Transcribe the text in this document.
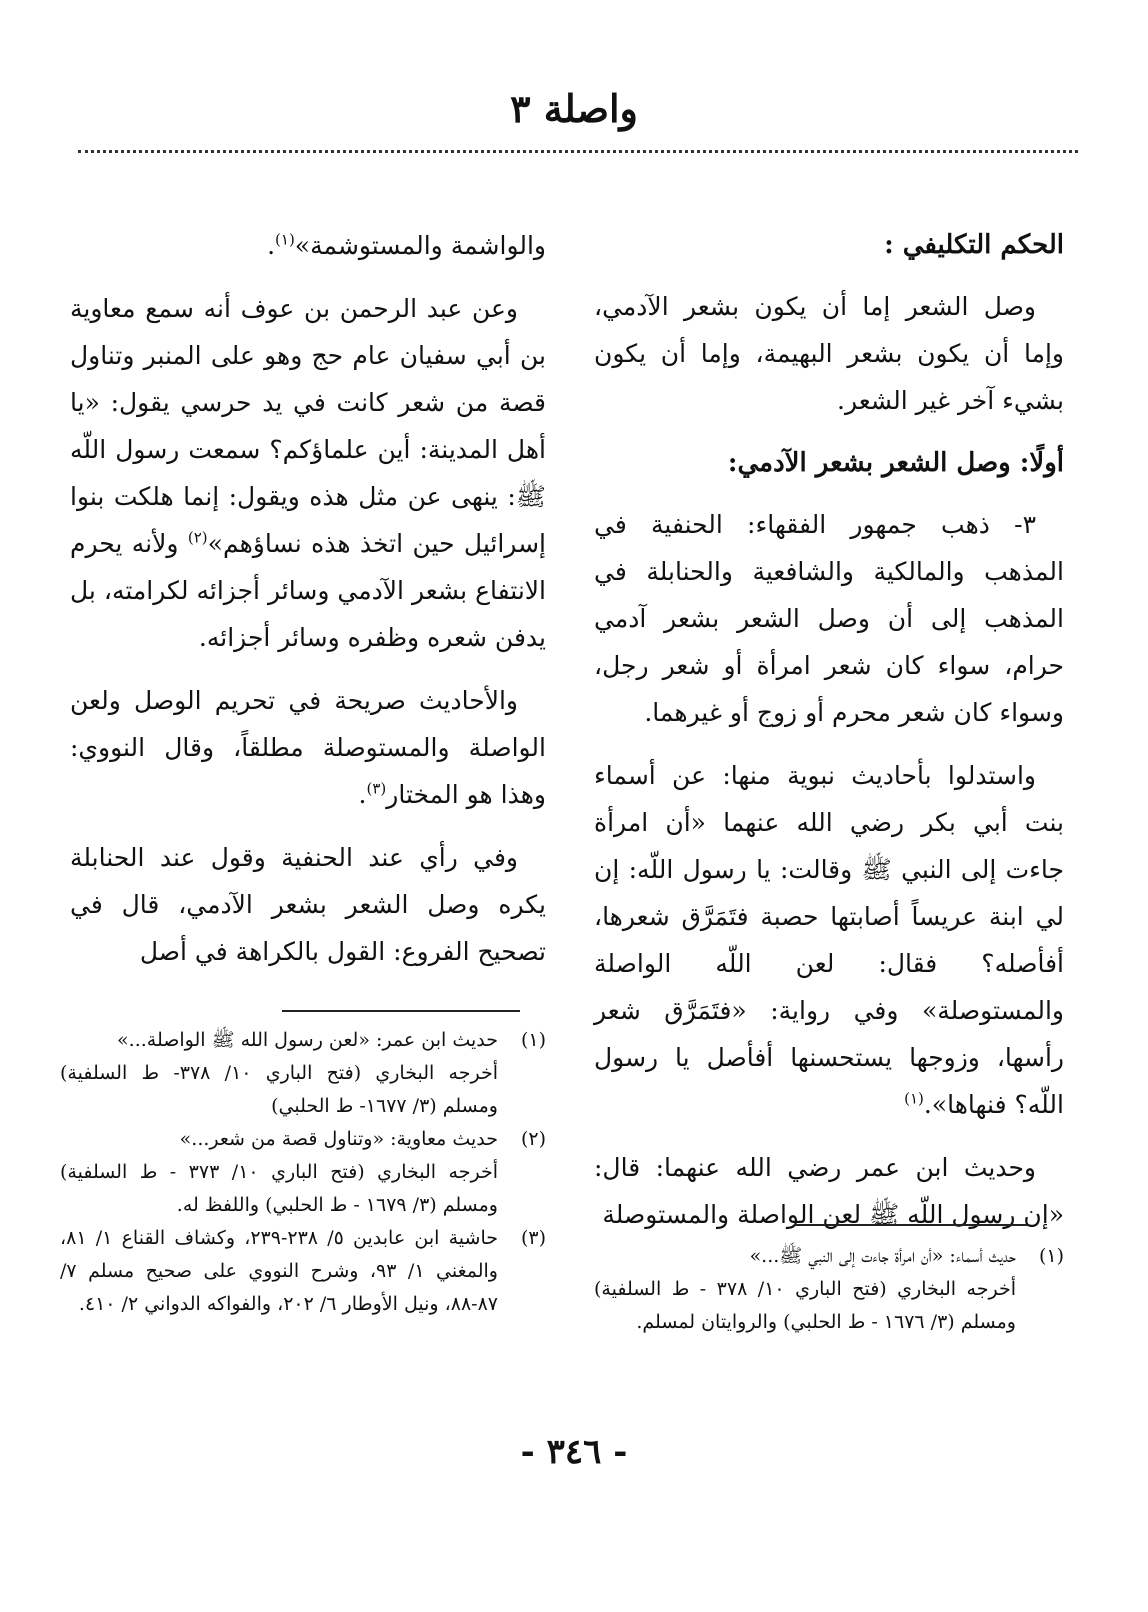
واصلة ٣

الحكم التكليفي :

وصل الشعر إما أن يكون بشعر الآدمي، وإما أن يكون بشعر البهيمة، وإما أن يكون بشيء آخر غير الشعر.

أولًا: وصل الشعر بشعر الآدمي:

٣- ذهب جمهور الفقهاء: الحنفية في المذهب والمالكية والشافعية والحنابلة في المذهب إلى أن وصل الشعر بشعر آدمي حرام، سواء كان شعر امرأة أو شعر رجل، وسواء كان شعر محرم أو زوج أو غيرهما.

واستدلوا بأحاديث نبوية منها: عن أسماء بنت أبي بكر رضي الله عنهما «أن امرأة جاءت إلى النبي ﷺ وقالت: يا رسول اللّه: إن لي ابنة عريساً أصابتها حصبة فتَمَرَّق شعرها، أفأصله؟ فقال: لعن اللّه الواصلة والمستوصلة» وفي رواية: «فتَمَرَّق شعر رأسها، وزوجها يستحسنها أفأصل يا رسول اللّه؟ فنهاها».$^{(١)}$

وحديث ابن عمر رضي الله عنهما: قال: «إن رسول اللّه ﷺ لعن الواصلة والمستوصلة

(١)
حديث أسماء: «أن امرأة جاءت إلى النبي ﷺ...»
أخرجه البخاري (فتح الباري ١٠/ ٣٧٨ - ط السلفية) ومسلم (٣/ ١٦٧٦ - ط الحلبي) والروايتان لمسلم.

والواشمة والمستوشمة»$^{(١)}$.

وعن عبد الرحمن بن عوف أنه سمع معاوية بن أبي سفيان عام حج وهو على المنبر وتناول قصة من شعر كانت في يد حرسي يقول: «يا أهل المدينة: أين علماؤكم؟ سمعت رسول اللّه ﷺ: ينهى عن مثل هذه ويقول: إنما هلكت بنوا إسرائيل حين اتخذ هذه نساؤهم»$^{(٢)}$ ولأنه يحرم الانتفاع بشعر الآدمي وسائر أجزائه لكرامته، بل يدفن شعره وظفره وسائر أجزائه.

والأحاديث صريحة في تحريم الوصل ولعن الواصلة والمستوصلة مطلقاً، وقال النووي: وهذا هو المختار$^{(٣)}$.

وفي رأي عند الحنفية وقول عند الحنابلة يكره وصل الشعر بشعر الآدمي، قال في تصحيح الفروع: القول بالكراهة في أصل

(١)
حديث ابن عمر: «لعن رسول الله ﷺ الواصلة...»
أخرجه البخاري (فتح الباري ١٠/ ٣٧٨- ط السلفية) ومسلم (٣/ ١٦٧٧- ط الحلبي)
(٢)
حديث معاوية: «وتناول قصة من شعر...»
أخرجه البخاري (فتح الباري ١٠/ ٣٧٣ - ط السلفية) ومسلم (٣/ ١٦٧٩ - ط الحلبي) واللفظ له.
(٣)
حاشية ابن عابدين ٥/ ٢٣٨-٢٣٩، وكشاف القناع ١/ ٨١، والمغني ١/ ٩٣، وشرح النووي على صحيح مسلم ٧/ ٨٧-٨٨، ونيل الأوطار ٦/ ٢٠٢، والفواكه الدواني ٢/ ٤١٠.
- ٣٤٦ -
